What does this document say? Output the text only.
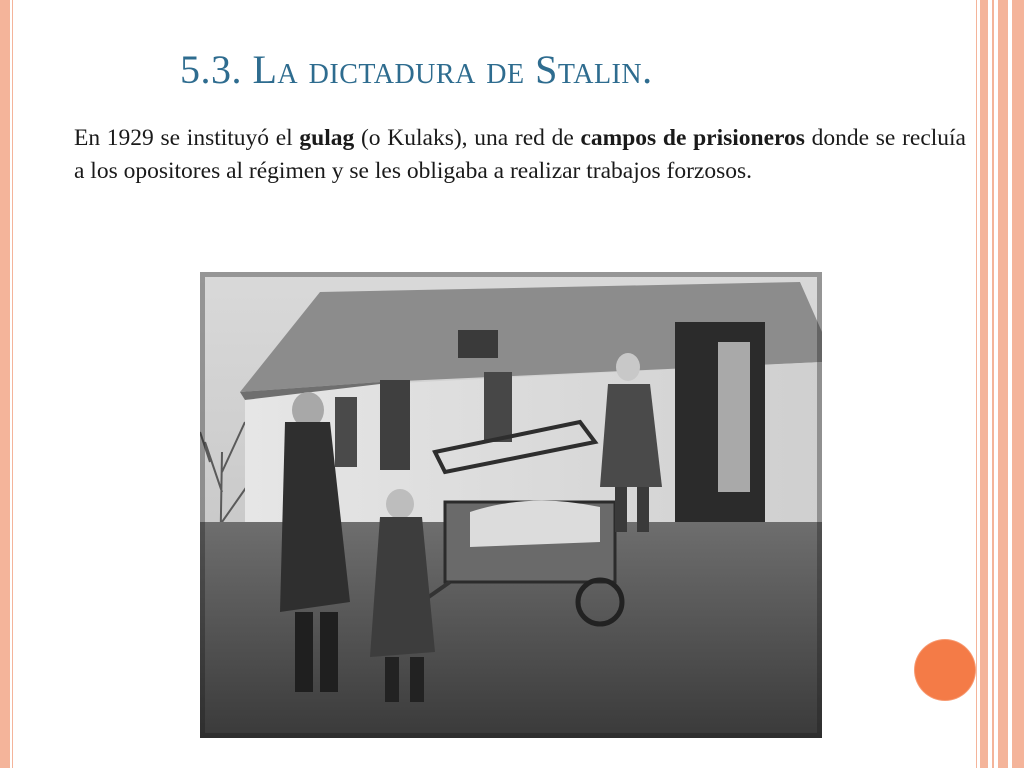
5.3. La dictadura de Stalin.

En 1929 se instituyó el gulag (o Kulaks), una red de campos de prisioneros donde se recluía a los opositores al régimen y se les obligaba a realizar trabajos forzosos.
